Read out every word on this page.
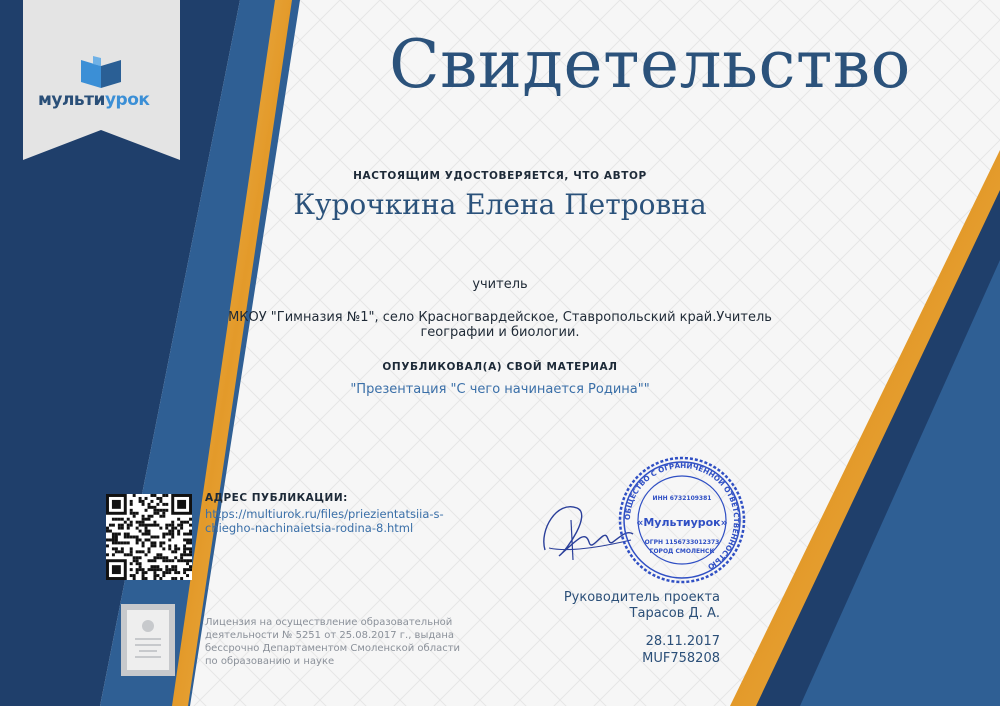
мультиурок	Свидетельство
НАСТОЯЩИМ УДОСТОВЕРЯЕТСЯ, ЧТО АВТОР
Курочкина Елена Петровна
учитель
МКОУ "Гимназия №1", село Красногвардейское, Ставропольский край.Учитель
географии и биологии.
ОПУБЛИКОВАЛ(А) СВОЙ МАТЕРИАЛ
"Презентация "С чего начинается Родина""
АДРЕС ПУБЛИКАЦИИ:
https://multiurok.ru/files/priezientatsiia-s-
chiegho-nachinaietsia-rodina-8.html
Лицензия на осуществление образовательной
деятельности № 5251 от 25.08.2017 г., выдана
бессрочно Департаментом Смоленской области
по образованию и науке
ОБЩЕСТВО С ОГРАНИЧЕННОЙ ОТВЕТСТВЕННОСТЬЮ
ИНН 6732109381
«Мультиурок»
ОГРН 1156733012373
ГОРОД СМОЛЕНСК
Руководитель проекта
Тарасов Д. А.
28.11.2017
MUF758208
